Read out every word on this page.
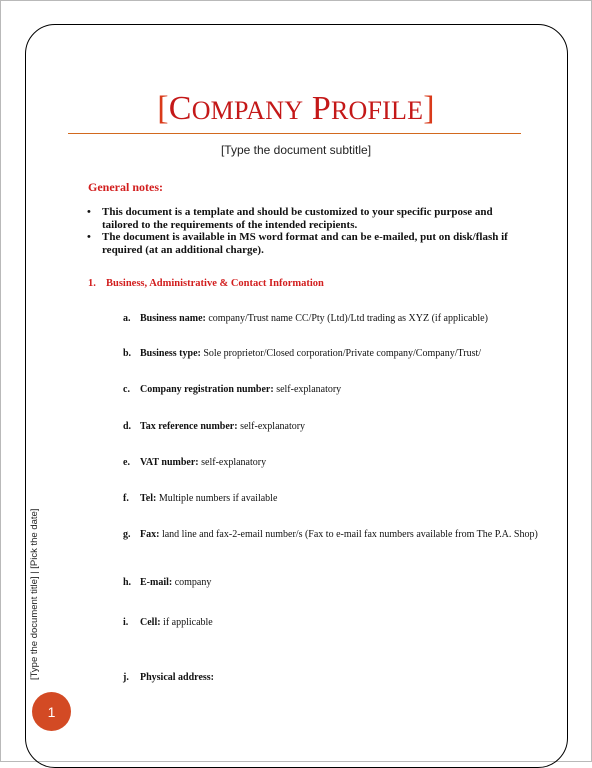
[COMPANY PROFILE]
[Type the document subtitle]
General notes:
• This document is a template and should be customized to your specific purpose and tailored to the requirements of the intended recipients.
• The document is available in MS word format and can be e-mailed, put on disk/flash if required (at an additional charge).
1. Business, Administrative & Contact Information
a. Business name: company/Trust name CC/Pty (Ltd)/Ltd trading as XYZ (if applicable)
b. Business type: Sole proprietor/Closed corporation/Private company/Company/Trust/
c. Company registration number: self-explanatory
d. Tax reference number: self-explanatory
e. VAT number: self-explanatory
f. Tel: Multiple numbers if available
g. Fax: land line and fax-2-email number/s (Fax to e-mail fax numbers available from The P.A. Shop)
h. E-mail: company
i. Cell: if applicable
j. Physical address:
[Type the document title] | [Pick the date]
1
